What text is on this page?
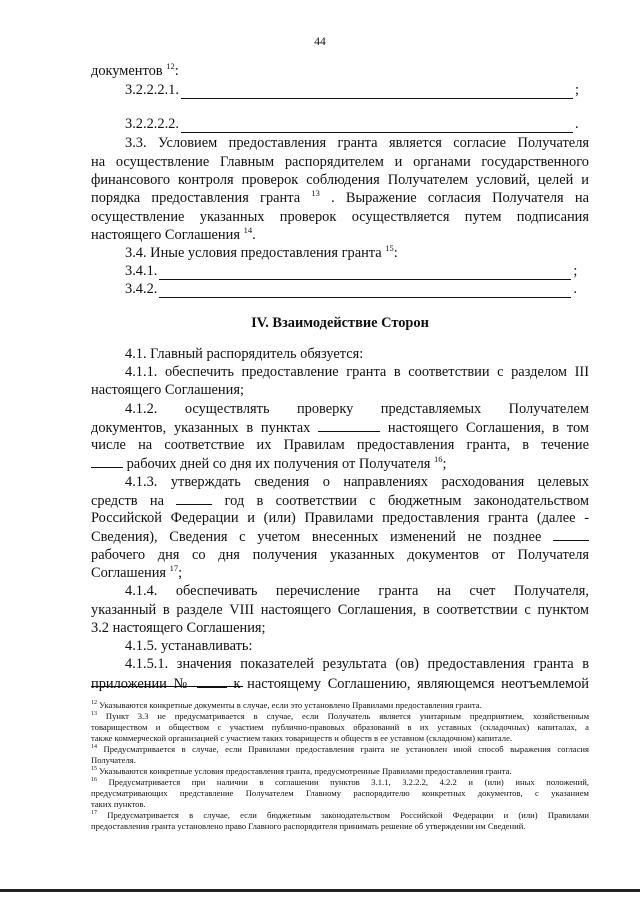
44
документов $^{12}$:
3.2.2.2.1.	;
3.2.2.2.2.	.
3.3. Условием предоставления гранта является согласие Получателя
на осуществление Главным распорядителем и органами государственного
финансового контроля проверок соблюдения Получателем условий, целей и
порядка предоставления гранта $^{13}$ . Выражение согласия Получателя на
осуществление указанных проверок осуществляется путем подписания
настоящего Соглашения $^{14}$.
3.4. Иные условия предоставления гранта $^{15}$:
3.4.1.	;
3.4.2.	.
IV. Взаимодействие Сторон
4.1. Главный распорядитель обязуется:
4.1.1. обеспечить предоставление гранта в соответствии с разделом III
настоящего Соглашения;
4.1.2. осуществлять проверку представляемых Получателем
документов, указанных в пунктах	настоящего Соглашения, в том
числе на соответствие их Правилам предоставления гранта, в течение
рабочих дней со дня их получения от Получателя $^{16}$;
4.1.3. утверждать сведения о направлениях расходования целевых
средств на	год в соответствии с бюджетным законодательством
Российской Федерации и (или) Правилами предоставления гранта (далее -
Сведения), Сведения с учетом внесенных изменений не позднее
рабочего дня со дня получения указанных документов от Получателя
Соглашения $^{17}$;
4.1.4. обеспечивать перечисление гранта на счет Получателя,
указанный в разделе VIII настоящего Соглашения, в соответствии с пунктом
3.2 настоящего Соглашения;
4.1.5. устанавливать:
4.1.5.1. значения показателей результата (ов) предоставления гранта в
приложении №	к настоящему Соглашению, являющемся неотъемлемой
$^{12}$ Указываются конкретные документы в случае, если это установлено Правилами предоставления гранта.
$^{13}$ Пункт 3.3 не предусматривается в случае, если Получатель является унитарным предприятием, хозяйственным
товариществом и обществом с участием публично-правовых образований в их уставных (складочных) капиталах, а
также коммерческой организацией с участием таких товариществ и обществ в ее уставном (складочном) капитале.
$^{14}$ Предусматривается в случае, если Правилами предоставления гранта не установлен иной способ выражения согласия
Получателя.
$^{15}$ Указываются конкретные условия предоставления гранта, предусмотренные Правилами предоставления гранта.
$^{16}$ Предусматривается при наличии в соглашении пунктов 3.1.1, 3.2.2.2, 4.2.2 и (или) иных положений,
предусматривающих представление Получателем Главному распорядителю конкретных документов, с указанием
таких пунктов.
$^{17}$ Предусматривается в случае, если бюджетным законодательством Российской Федерации и (или) Правилами
предоставления гранта установлено право Главного распорядителя принимать решение об утверждении им Сведений.
